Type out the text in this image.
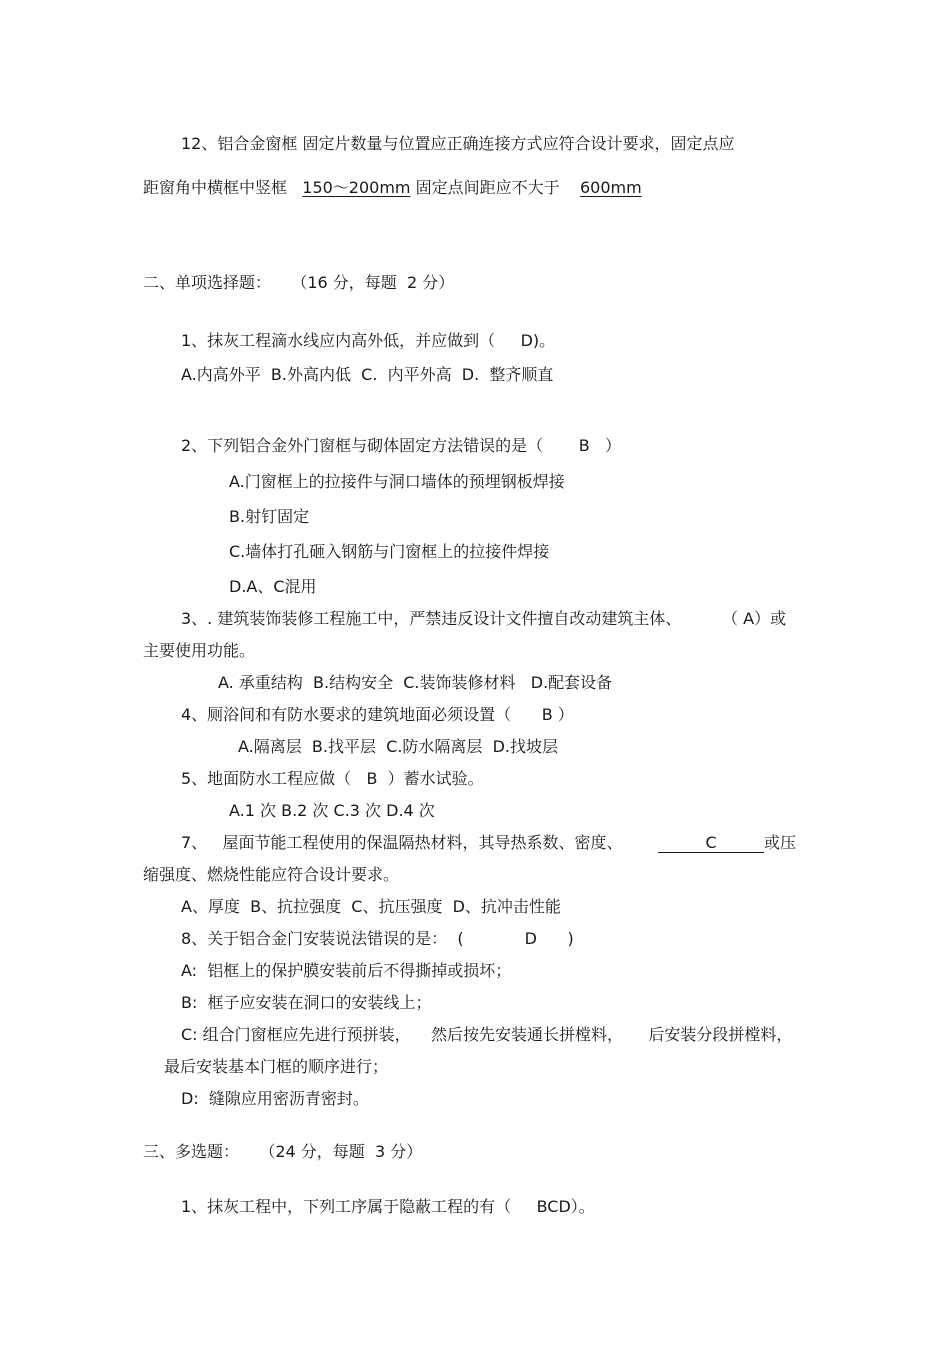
12、铝合金窗框 固定片数量与位置应正确连接方式应符合设计要求，固定点应
距窗角中横框中竖框   150～200mm 固定点间距应不大于    600mm
二、单项选择题：    （16 分，每题  2 分）
1、抹灰工程滴水线应内高外低，并应做到（     D)。
A.内高外平  B.外高内低  C.  内平外高  D.  整齐顺直
2、下列铝合金外门窗框与砌体固定方法错误的是（       B   ）
A.门窗框上的拉接件与洞口墙体的预埋钢板焊接
B.射钉固定
C.墙体打孔砸入钢筋与门窗框上的拉接件焊接
D.A、C混用
3、. 建筑装饰装修工程施工中，严禁违反设计文件擅自改动建筑主体、        （ A）或
主要使用功能。
A. 承重结构  B.结构安全  C.装饰装修材料   D.配套设备
4、厕浴间和有防水要求的建筑地面必须设置（      B ）
A.隔离层  B.找平层  C.防水隔离层  D.找坡层
5、地面防水工程应做（   B  ）蓄水试验。
A.1 次 B.2 次 C.3 次 D.4 次
7、   屋面节能工程使用的保温隔热材料，其导热系数、密度、	C	或压
缩强度、燃烧性能应符合设计要求。
A、厚度  B、抗拉强度  C、抗压强度  D、抗冲击性能
8、关于铝合金门安装说法错误的是：  (            D      )
A:  铝框上的保护膜安装前后不得撕掉或损坏；
B:  框子应安装在洞口的安装线上；
C: 组合门窗框应先进行预拼装，    然后按先安装通长拼樘料，     后安装分段拼樘料，
最后安装基本门框的顺序进行；
D:  缝隙应用密沥青密封。
三、多选题：    （24 分，每题  3 分）
1、抹灰工程中，下列工序属于隐蔽工程的有（     BCD）。
